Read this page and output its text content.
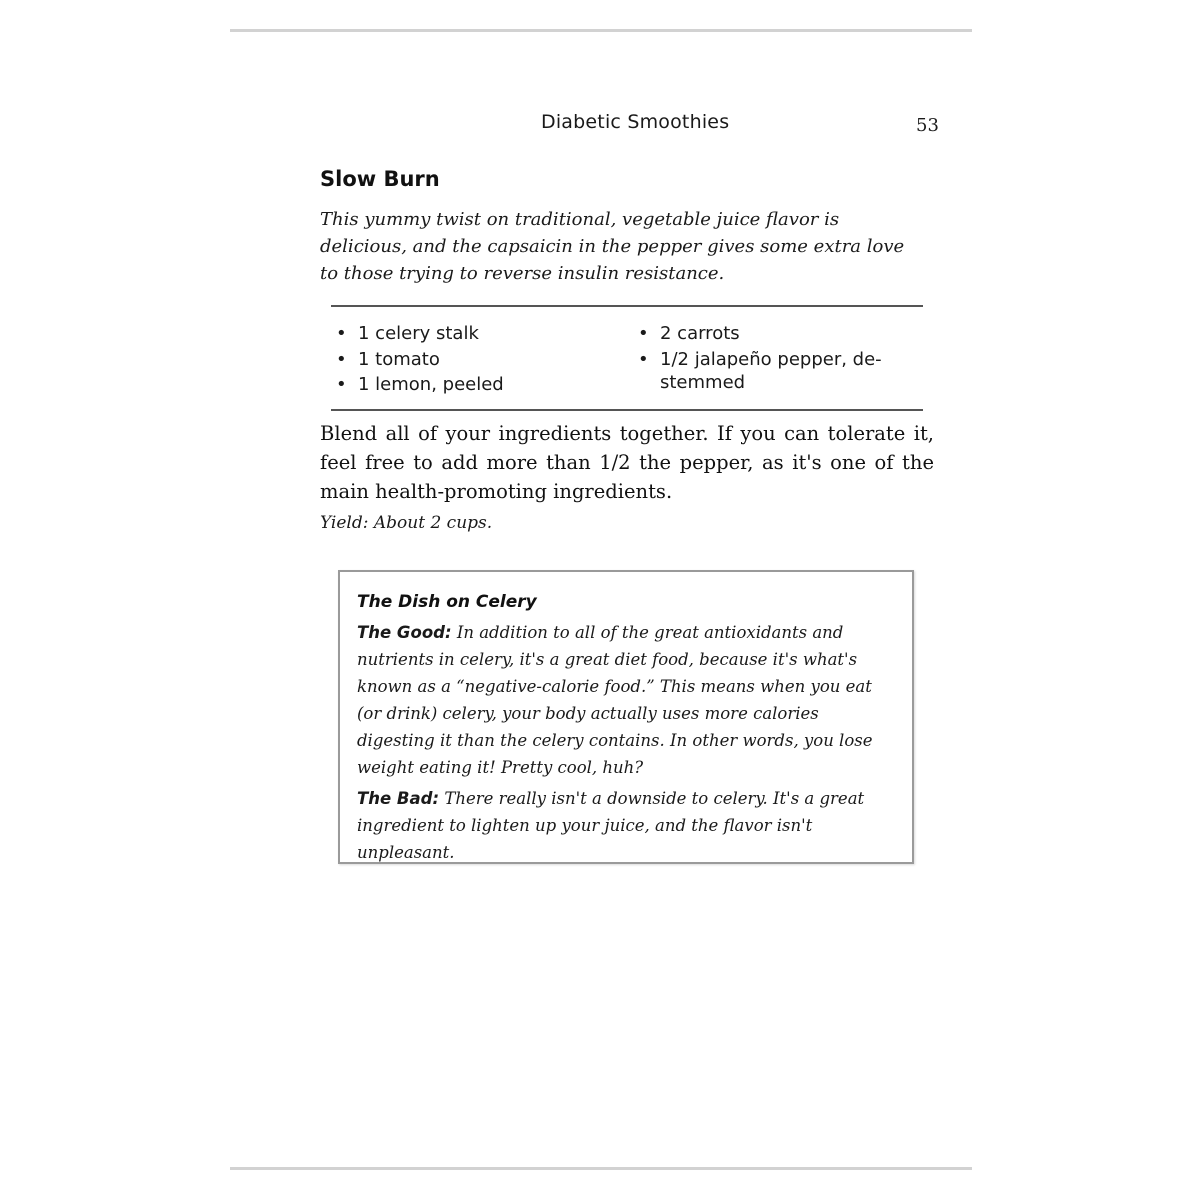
Diabetic Smoothies	53
Slow Burn

This yummy twist on traditional, vegetable juice flavor is delicious, and the capsaicin in the pepper gives some extra love to those trying to reverse insulin resistance.

• 1 celery stalk
• 1 tomato
• 1 lemon, peeled
• 2 carrots
• 1/2 jalapeño pepper, de-stemmed

Blend all of your ingredients together. If you can tolerate it, feel free to add more than 1/2 the pepper, as it's one of the main health-promoting ingredients.

Yield: About 2 cups.

The Dish on Celery

The Good: In addition to all of the great antioxidants and nutrients in celery, it's a great diet food, because it's what's known as a “negative-calorie food.” This means when you eat (or drink) celery, your body actually uses more calories digesting it than the celery contains. In other words, you lose weight eating it! Pretty cool, huh?

The Bad: There really isn't a downside to celery. It's a great ingredient to lighten up your juice, and the flavor isn't unpleasant.
